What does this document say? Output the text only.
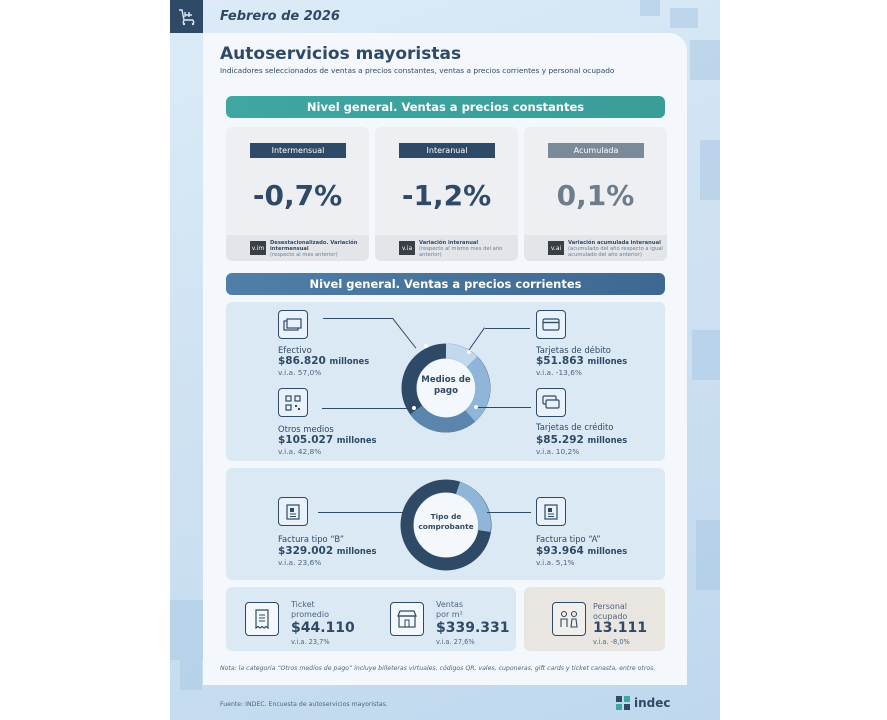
Febrero de 2026
Autoservicios mayoristas
Indicadores seleccionados de ventas a precios constantes, ventas a precios corrientes y personal ocupado
Nivel general. Ventas a precios constantes
Intermensual
-0,7%
v.im
Desestacionalizado. Variación intermensual
(respecto al mes anterior)
Interanual
-1,2%
v.ia
Variación interanual
(respecto al mismo mes del año anterior)
Acumulada
0,1%
v.ai
Variación acumulada interanual
(acumulado del año respecto a igual acumulado del año anterior)
Nivel general. Ventas a precios corrientes
Medios de pago
Efectivo
$86.820 millones
v.i.a. 57,0%
Otros medios
$105.027 millones
v.i.a. 42,8%
Tarjetas de débito
$51.863 millones
v.i.a. -13,6%
Tarjetas de crédito
$85.292 millones
v.i.a. 10,2%
Tipo de comprobante
Factura tipo “B”
$329.002 millones
v.i.a. 23,6%
Factura tipo “A”
$93.964 millones
v.i.a. 5,1%
Ticket promedio
$44.110
v.i.a. 23,7%
Ventas por m²
$339.331
v.i.a. 27,6%
Personal ocupado
13.111
v.i.a. -8,0%
Nota: la categoría “Otros medios de pago” incluye billeteras virtuales, códigos QR, vales, cuponeras, gift cards y ticket canasta, entre otros.
Fuente: INDEC. Encuesta de autoservicios mayoristas.	indec
